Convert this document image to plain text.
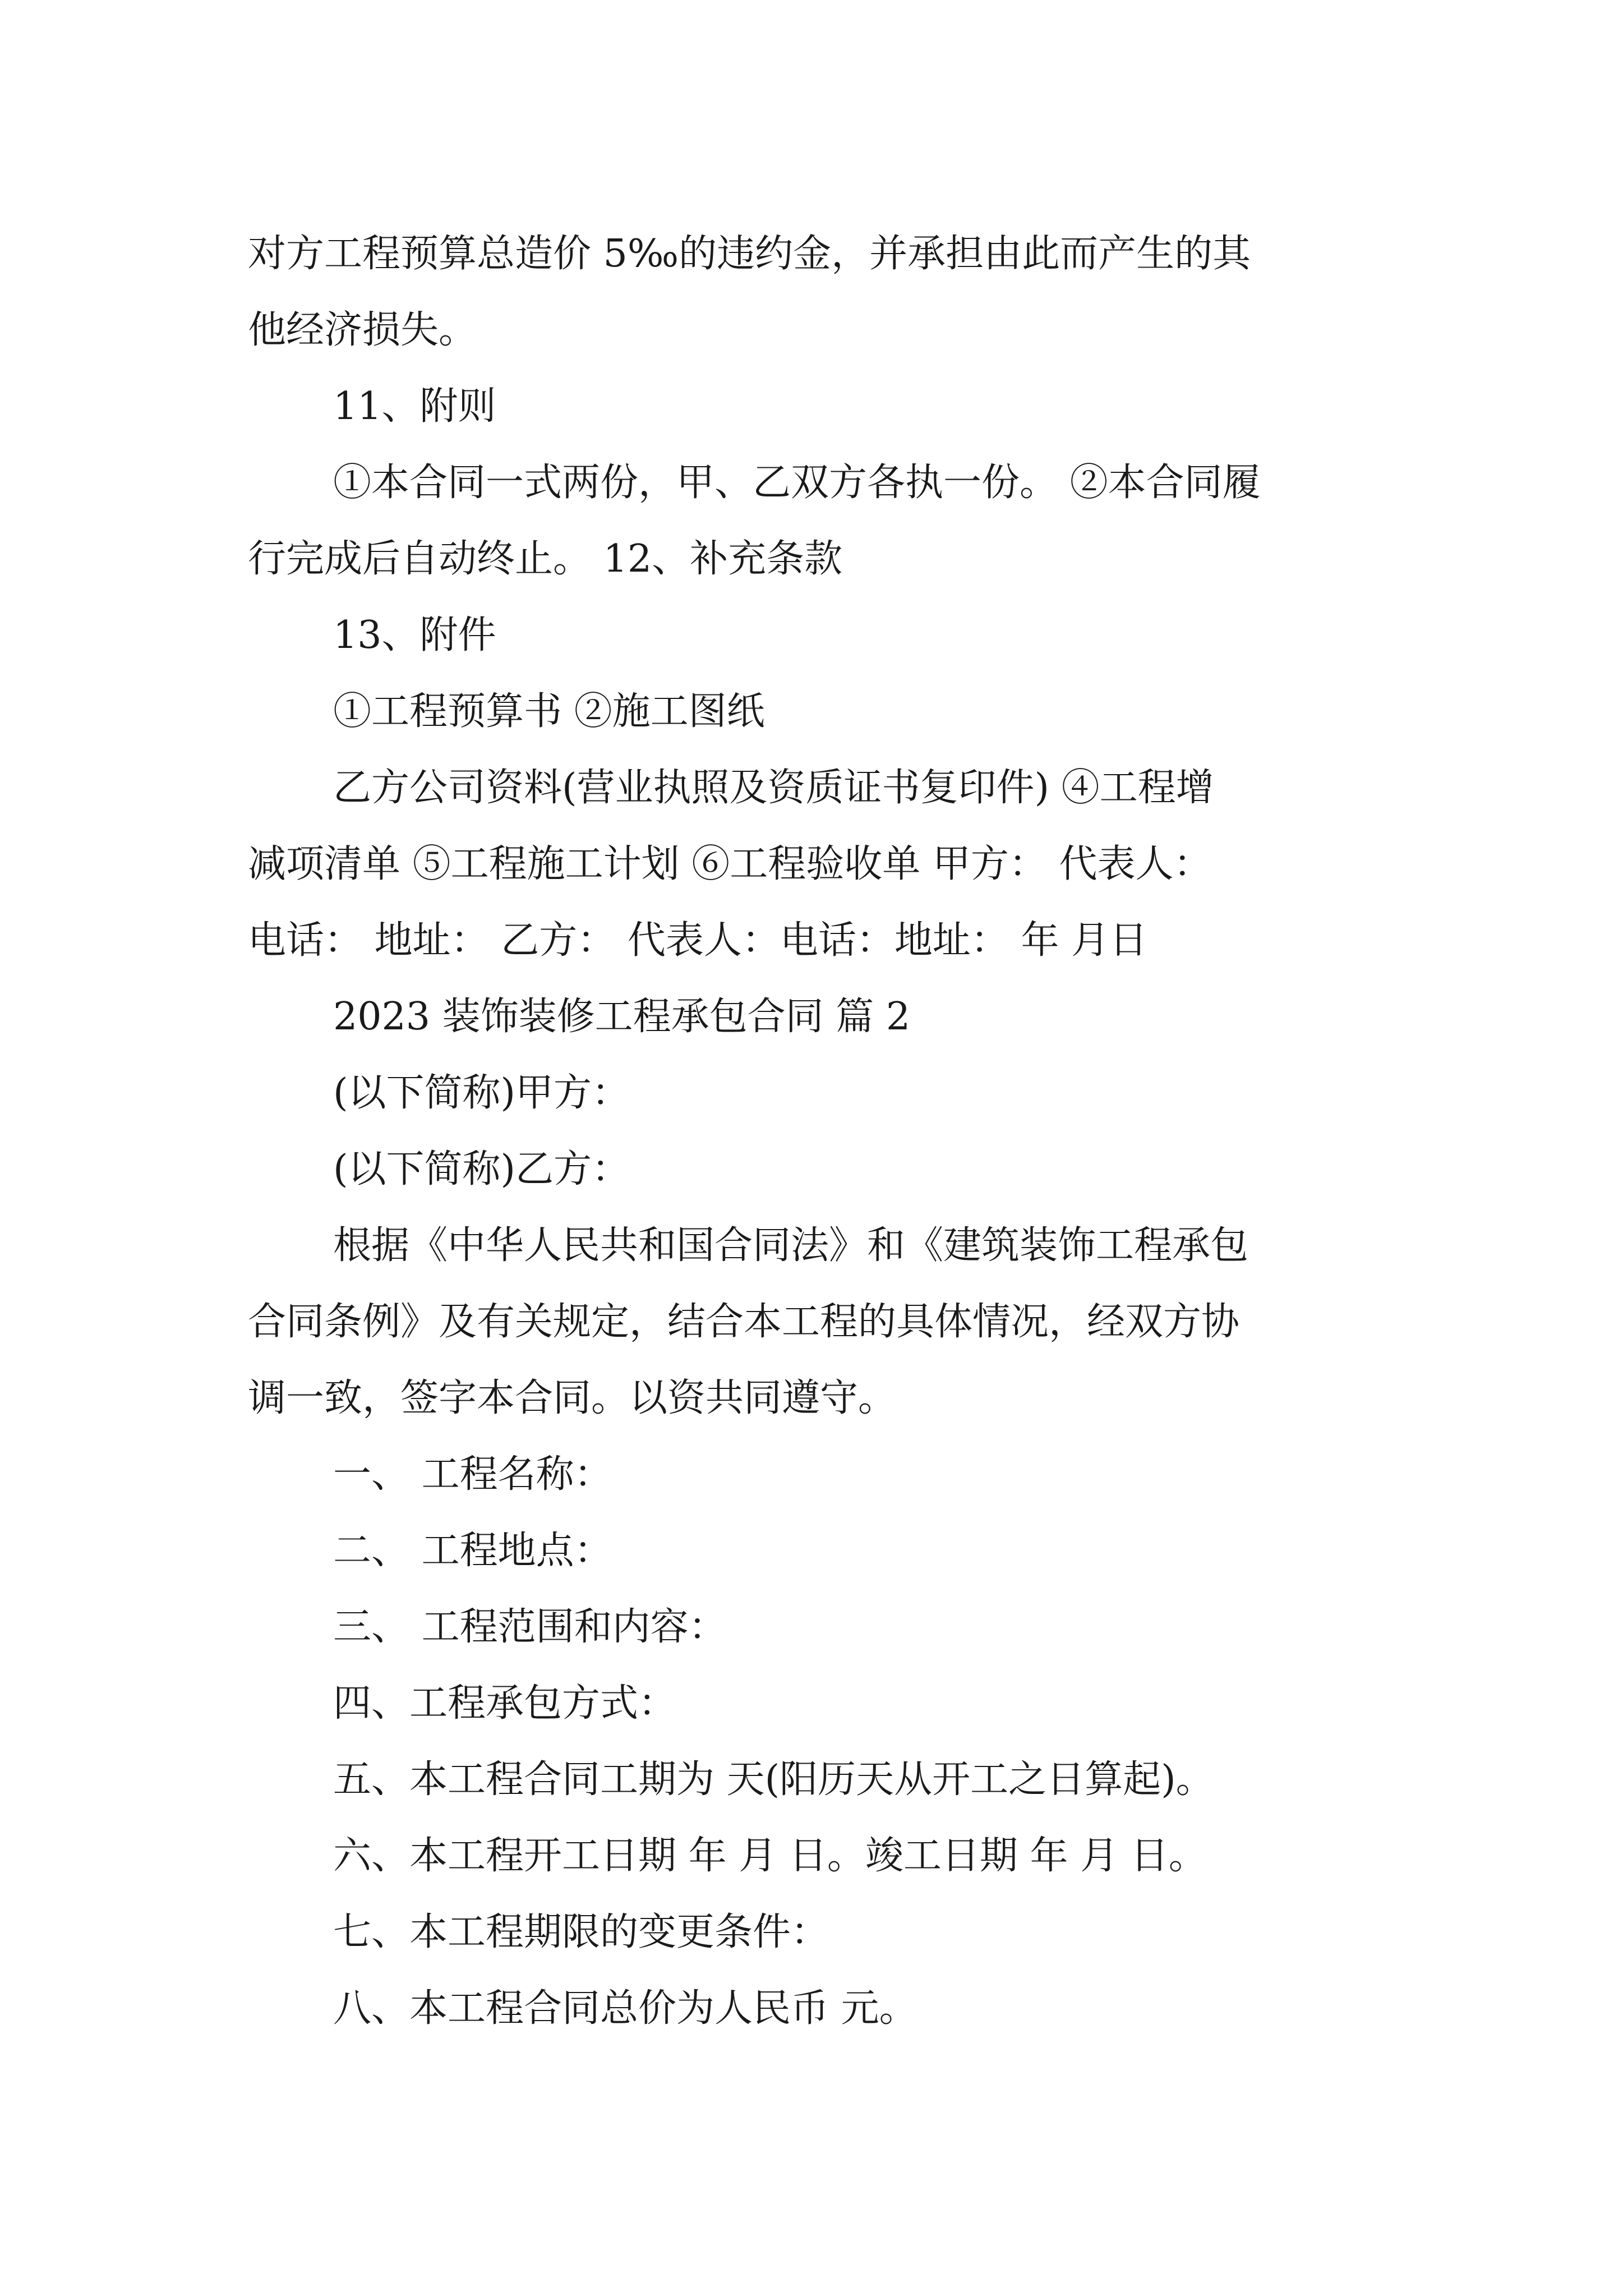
对方工程预算总造价 5‰的违约金，并承担由此而产生的其
他经济损失。
11、附则
①本合同一式两份，甲、乙双方各执一份。 ②本合同履
行完成后自动终止。 12、补充条款
13、附件
①工程预算书 ②施工图纸
乙方公司资料(营业执照及资质证书复印件) ④工程增
减项清单 ⑤工程施工计划 ⑥工程验收单 甲方： 代表人：
电话： 地址： 乙方： 代表人：电话：地址： 年 月日
2023 装饰装修工程承包合同 篇 2
(以下简称)甲方：
(以下简称)乙方：
根据《中华人民共和国合同法》和《建筑装饰工程承包
合同条例》及有关规定，结合本工程的具体情况，经双方协
调一致，签字本合同。以资共同遵守。
一、 工程名称：
二、 工程地点：
三、 工程范围和内容：
四、工程承包方式：
五、本工程合同工期为 天(阳历天从开工之日算起)。
六、本工程开工日期 年 月 日。竣工日期 年 月 日。
七、本工程期限的变更条件：
八、本工程合同总价为人民币 元。
